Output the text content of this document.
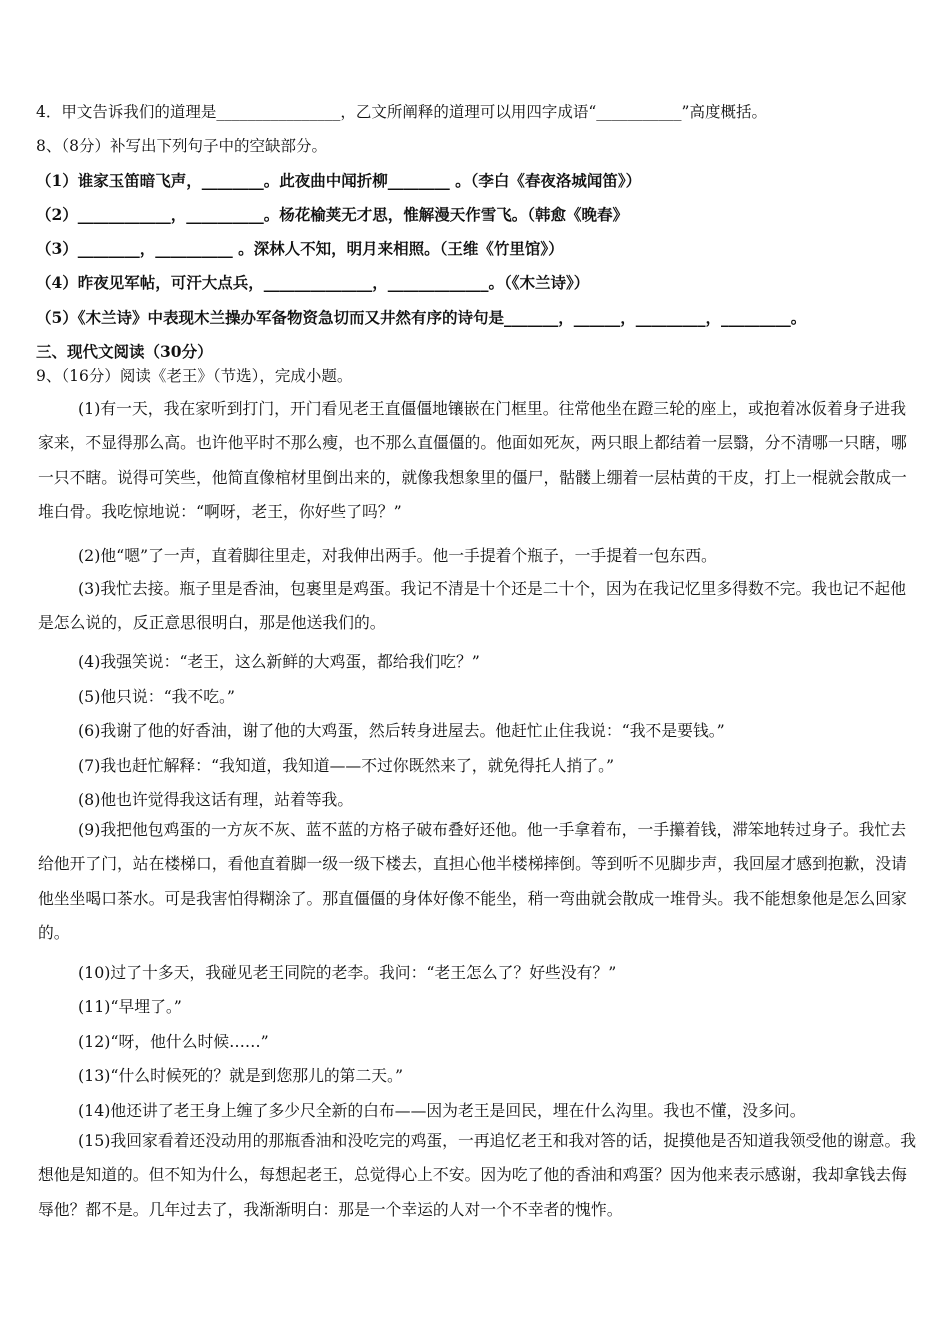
4．甲文告诉我们的道理是________________，乙文所阐释的道理可以用四字成语“___________”高度概括。
8、（8分）补写出下列句子中的空缺部分。
（1）谁家玉笛暗飞声，________。此夜曲中闻折柳________ 。（李白《春夜洛城闻笛》）
（2）____________，__________。杨花榆荚无才思，惟解漫天作雪飞。（韩愈《晚春》
（3）________，__________ 。深林人不知，明月来相照。（王维《竹里馆》）
（4）昨夜见军帖，可汗大点兵，______________，_____________。（《木兰诗》）
（5）《木兰诗》中表现木兰操办军备物资急切而又井然有序的诗句是_______，______，_________，_________。
三、现代文阅读（30分）
9、（16分）阅读《老王》（节选），完成小题。
(1)有一天，我在家听到打门，开门看见老王直僵僵地镶嵌在门框里。往常他坐在蹬三轮的座上，或抱着冰仮着身子进我家来，不显得那么高。也许他平时不那么瘦，也不那么直僵僵的。他面如死灰，两只眼上都结着一层翳，分不清哪一只瞎，哪一只不瞎。说得可笑些，他简直像棺材里倒出来的，就像我想象里的僵尸，骷髅上绷着一层枯黄的干皮，打上一棍就会散成一堆白骨。我吃惊地说：“啊呀，老王，你好些了吗？”
(2)他“嗯”了一声，直着脚往里走，对我伸出两手。他一手提着个瓶子，一手提着一包东西。
(3)我忙去接。瓶子里是香油，包裹里是鸡蛋。我记不清是十个还是二十个，因为在我记忆里多得数不完。我也记不起他是怎么说的，反正意思很明白，那是他送我们的。
(4)我强笑说：“老王，这么新鲜的大鸡蛋，都给我们吃？”
(5)他只说：“我不吃。”
(6)我谢了他的好香油，谢了他的大鸡蛋，然后转身进屋去。他赶忙止住我说：“我不是要钱。”
(7)我也赶忙解释：“我知道，我知道——不过你既然来了，就免得托人捎了。”
(8)他也许觉得我这话有理，站着等我。
(9)我把他包鸡蛋的一方灰不灰、蓝不蓝的方格子破布叠好还他。他一手拿着布，一手攥着钱，滞笨地转过身子。我忙去给他开了门，站在楼梯口，看他直着脚一级一级下楼去，直担心他半楼梯摔倒。等到听不见脚步声，我回屋才感到抱歉，没请他坐坐喝口茶水。可是我害怕得糊涂了。那直僵僵的身体好像不能坐，稍一弯曲就会散成一堆骨头。我不能想象他是怎么回家的。
(10)过了十多天，我碰见老王同院的老李。我问：“老王怎么了？好些没有？”
(11)“早埋了。”
(12)“呀，他什么时候……”
(13)“什么时候死的？就是到您那儿的第二天。”
(14)他还讲了老王身上缠了多少尺全新的白布——因为老王是回民，埋在什么沟里。我也不懂，没多问。
(15)我回家看着还没动用的那瓶香油和没吃完的鸡蛋，一再追忆老王和我对答的话，捉摸他是否知道我领受他的谢意。我想他是知道的。但不知为什么，每想起老王，总觉得心上不安。因为吃了他的香油和鸡蛋？因为他来表示感谢，我却拿钱去侮辱他？都不是。几年过去了，我渐渐明白：那是一个幸运的人对一个不幸者的愧怍。
